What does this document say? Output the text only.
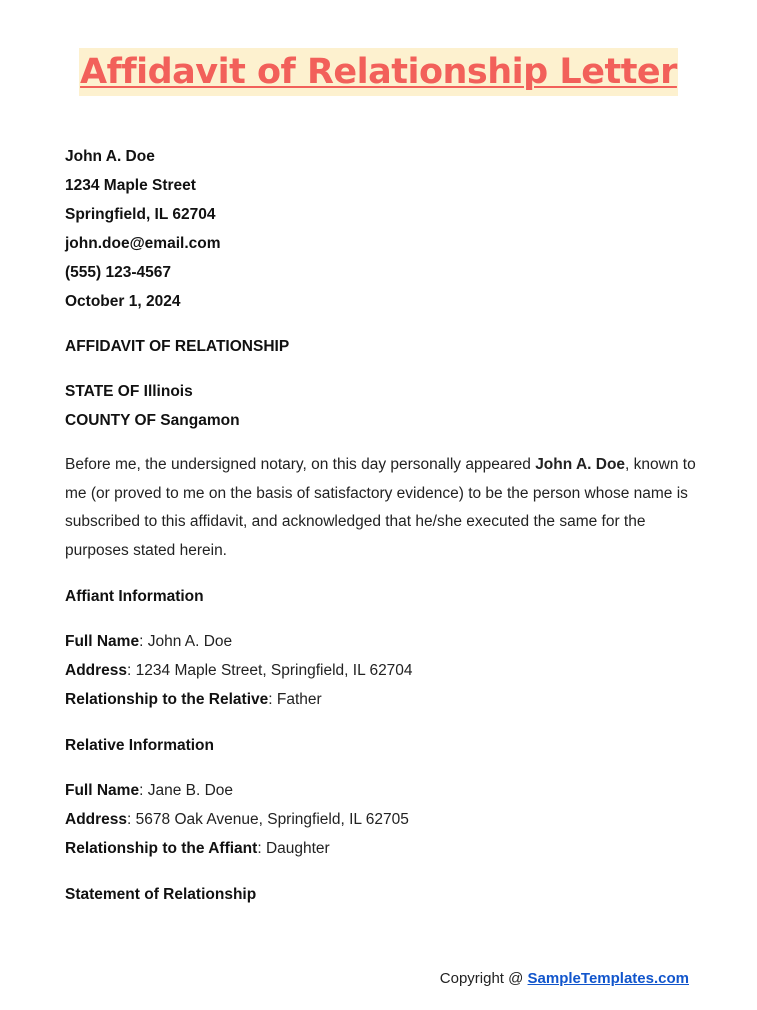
Affidavit of Relationship Letter
John A. Doe
1234 Maple Street
Springfield, IL 62704
john.doe@email.com
(555) 123-4567
October 1, 2024
AFFIDAVIT OF RELATIONSHIP
STATE OF Illinois
COUNTY OF Sangamon
Before me, the undersigned notary, on this day personally appeared John A. Doe, known to me (or proved to me on the basis of satisfactory evidence) to be the person whose name is subscribed to this affidavit, and acknowledged that he/she executed the same for the purposes stated herein.
Affiant Information
Full Name: John A. Doe
Address: 1234 Maple Street, Springfield, IL 62704
Relationship to the Relative: Father
Relative Information
Full Name: Jane B. Doe
Address: 5678 Oak Avenue, Springfield, IL 62705
Relationship to the Affiant: Daughter
Statement of Relationship
Copyright @ SampleTemplates.com
